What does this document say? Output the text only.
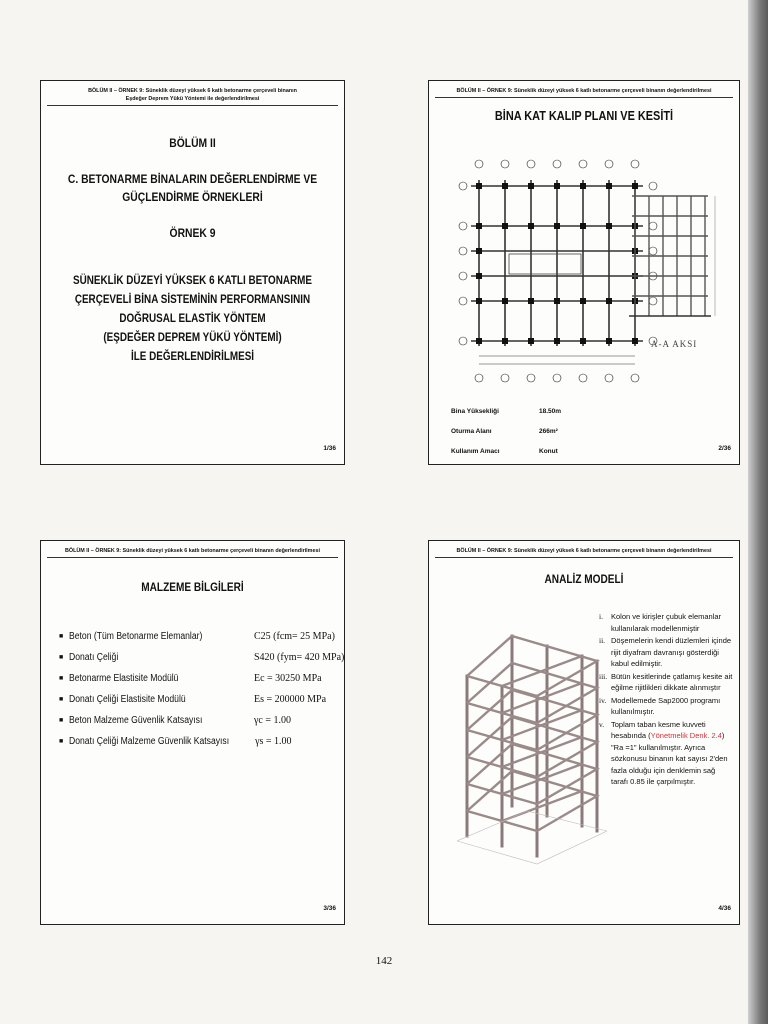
BÖLÜM II – ÖRNEK 9: Süneklik düzeyi yüksek 6 katlı betonarme çerçeveli binanın
Eşdeğer Deprem Yükü Yöntemi ile değerlendirilmesi
BÖLÜM II
C. BETONARME BİNALARIN DEĞERLENDİRME VE
GÜÇLENDİRME ÖRNEKLERİ
ÖRNEK 9
SÜNEKLİK DÜZEYİ YÜKSEK 6 KATLI BETONARME
ÇERÇEVELİ BİNA SİSTEMİNİN PERFORMANSININ
DOĞRUSAL ELASTİK YÖNTEM
(EŞDEĞER DEPREM YÜKÜ YÖNTEMİ)
İLE DEĞERLENDİRİLMESİ
1/36
BÖLÜM II – ÖRNEK 9: Süneklik düzeyi yüksek 6 katlı betonarme çerçeveli binanın değerlendirilmesi
BİNA KAT KALIP PLANI VE KESİTİ
A-A AKSI
Bina Yüksekliği	18.50m
Oturma Alanı	266m²
Kullanım Amacı	Konut	2/36
BÖLÜM II – ÖRNEK 9: Süneklik düzeyi yüksek 6 katlı betonarme çerçeveli binanın değerlendirilmesi
MALZEME BİLGİLERİ
■ Beton (Tüm Betonarme Elemanlar)	C25 (fcm= 25 MPa)
■ Donatı Çeliği	S420 (fym= 420 MPa)
■ Betonarme Elastisite Modülü	Ec = 30250 MPa
■ Donatı Çeliği Elastisite Modülü	Es = 200000 MPa
■ Beton Malzeme Güvenlik Katsayısı	γc = 1.00
■ Donatı Çeliği Malzeme Güvenlik Katsayısı	γs = 1.00
3/36
BÖLÜM II – ÖRNEK 9: Süneklik düzeyi yüksek 6 katlı betonarme çerçeveli binanın değerlendirilmesi
ANALİZ MODELİ
i.	Kolon ve kirişler çubuk elemanlar kullanılarak modellenmiştir
ii. Döşemelerin kendi düzlemleri içinde rijit diyafram davranışı gösterdiği kabul edilmiştir.
iii. Bütün kesitlerinde çatlamış kesite ait eğilme rijitlikleri dikkate alınmıştır
iv. Modellemede Sap2000 programı kullanılmıştır.
v. Toplam taban kesme kuvveti hesabında (Yönetmelik Denk. 2.4) "Ra =1" kullanılmıştır. Ayrıca sözkonusu binanın kat sayısı 2'den fazla olduğu için denklemin sağ tarafı 0.85 ile çarpılmıştır.
4/36
142
